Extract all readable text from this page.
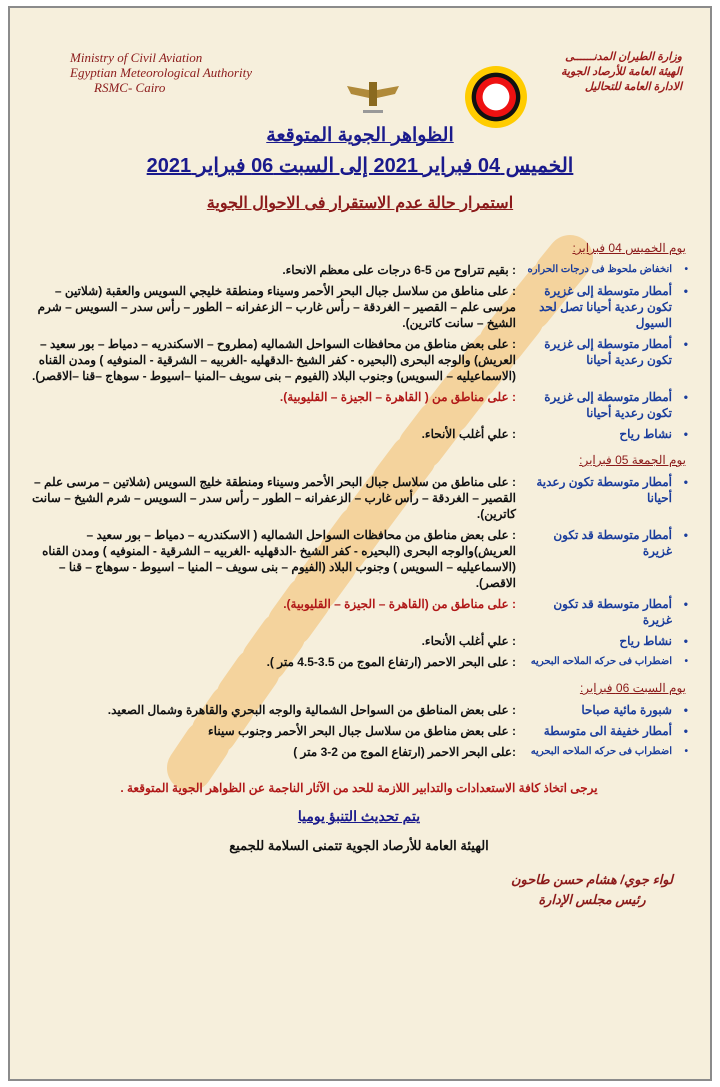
Ministry of Civil Aviation
Egyptian Meteorological Authority
RSMC- Cairo
وزارة الطيران المدنــــــى
الهيئة العامة للأرصاد الجوية
الادارة العامة للتحاليل
الظواهر الجوية المتوقعة
الخميس 04 فبراير 2021 إلى السبت 06 فبراير 2021
استمرار حالة عدم الاستقرار فى الاحوال الجوية
يوم الخميس 04 فبراير:
• انخفاض ملحوظ فى درجات الحراره
: بقيم تتراوح من 5-6 درجات على معظم الانحاء.
• أمطار متوسطة إلى غزيرة تكون رعدية أحيانا تصل لحد السيول
: على مناطق من سلاسل جبال البحر الأحمر وسيناء ومنطقة خليجي السويس والعقبة (شلاتين – مرسى علم – القصير – الغردقة – رأس غارب – الزعفرانه – الطور – رأس سدر – السويس – شرم الشيخ – سانت كاترين).
• أمطار متوسطة إلى غزيرة تكون رعدية أحيانا
: على بعض مناطق من محافظات السواحل الشماليه (مطروح – الاسكندريه – دمياط – بور سعيد –العريش) والوجه البحرى (البحيره - كفر الشيخ -الدقهليه -الغربيه – الشرقية - المنوفيه ) ومدن القناه (الاسماعيليه – السويس) وجنوب البلاد (الفيوم – بنى سويف –المنيا –اسيوط - سوهاج –قنا –الاقصر).
• أمطار متوسطة إلى غزيرة تكون رعدية أحيانا
: على مناطق من ( القاهرة – الجيزة – القليوبية).
• نشاط رياح
: علي أغلب الأنحاء.
يوم الجمعة 05 فبراير:
• أمطار متوسطة تكون رعدية أحيانا
: على مناطق من سلاسل جبال البحر الأحمر وسيناء ومنطقة خليج السويس (شلاتين – مرسى علم – القصير – الغردقة – رأس غارب – الزعفرانه – الطور – رأس سدر – السويس – شرم الشيخ – سانت كاترين).
• أمطار متوسطة قد تكون غزيرة
: على بعض مناطق من محافظات السواحل الشماليه ( الاسكندريه – دمياط – بور سعيد –العريش)والوجه البحرى (البحيره - كفر الشيخ -الدقهليه -الغربيه – الشرقية - المنوفيه ) ومدن القناه (الاسماعيليه – السويس ) وجنوب البلاد (الفيوم – بنى سويف – المنيا – اسيوط - سوهاج – قنا – الاقصر).
• أمطار متوسطة قد تكون غزيرة
: على مناطق من (القاهرة – الجيزة – القليوبية).
• نشاط رياح
: علي أغلب الأنحاء.
• اضطراب فى حركه الملاحه البحريه
: على البحر الاحمر (ارتفاع الموج من 3.5-4.5 متر ).
يوم السبت 06 فبراير:
• شبورة مائية صباحا
: على بعض المناطق من السواحل الشمالية والوجه البحري والقاهرة وشمال الصعيد.
• أمطار خفيفة الى متوسطة
: على بعض مناطق من سلاسل جبال البحر الأحمر وجنوب سيناء
• اضطراب فى حركه الملاحه البحريه
:على البحر الاحمر (ارتفاع الموج من 2-3 متر )
يرجى اتخاذ كافة الاستعدادات والتدابير اللازمة للحد من الآثار الناجمة عن الظواهر الجوية المتوقعة .
يتم تحديث التنبؤ يوميا
الهيئة العامة للأرصاد الجوية تتمنى السلامة للجميع
لواء جوي/ هشام حسن طاحون
رئيس مجلس الإدارة
